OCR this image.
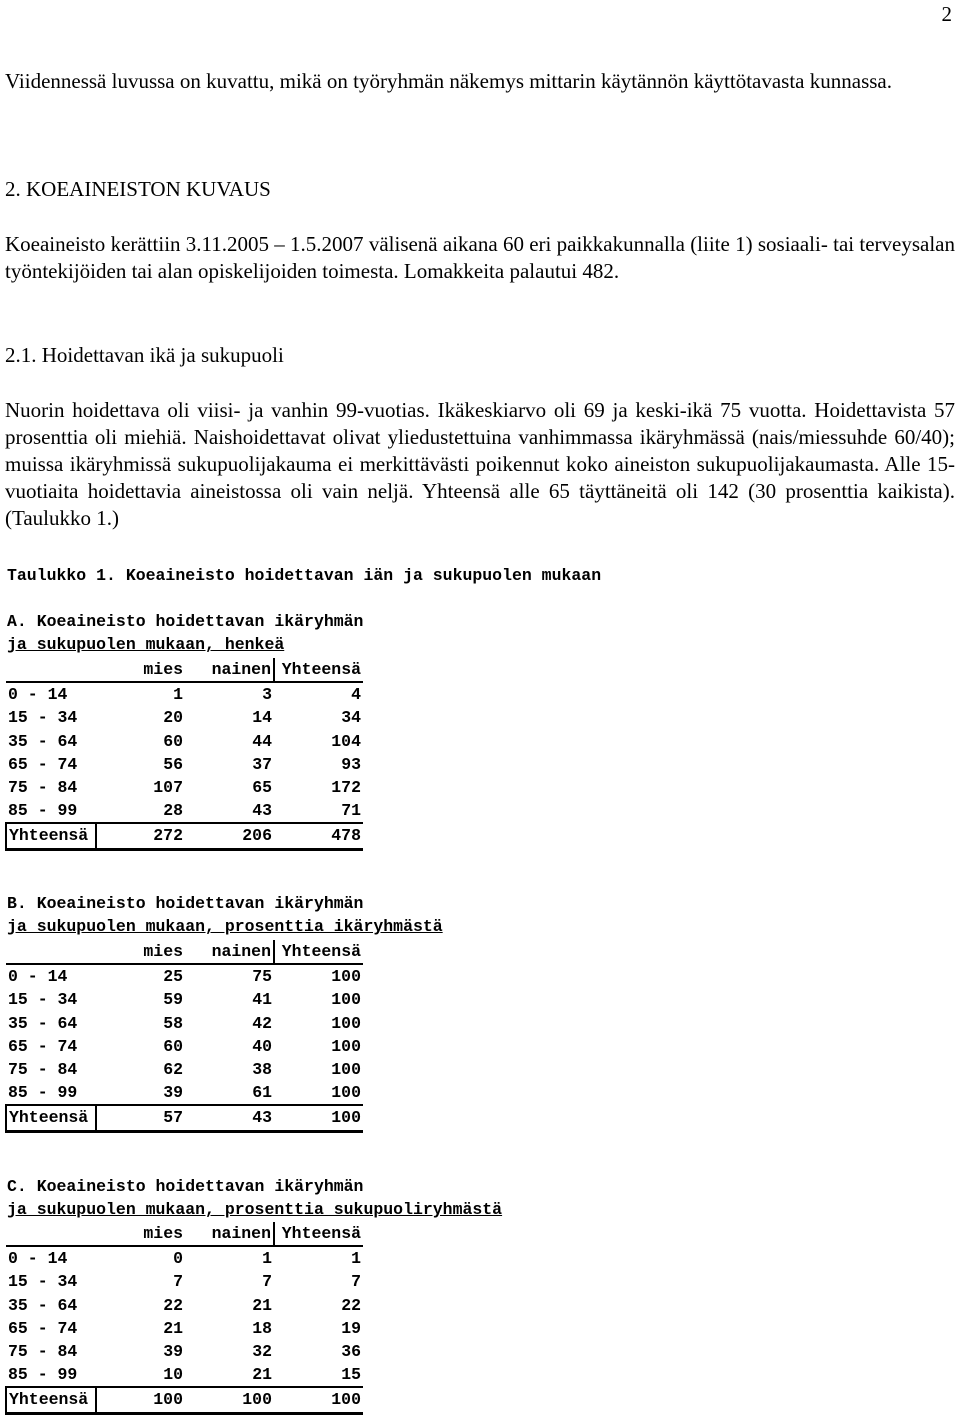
2

Viidennessä luvussa on kuvattu, mikä on työryhmän näkemys mittarin käytännön käyttötavasta kunnassa.

2. KOEAINEISTON KUVAUS

Koeaineisto kerättiin 3.11.2005 – 1.5.2007 välisenä aikana 60 eri paikkakunnalla (liite 1) sosiaali- tai terveysalan työntekijöiden tai alan opiskelijoiden toimesta. Lomakkeita palautui 482.

2.1. Hoidettavan ikä ja sukupuoli

Nuorin hoidettava oli viisi- ja vanhin 99-vuotias. Ikäkeskiarvo oli 69 ja keski-ikä 75 vuotta. Hoidettavista 57 prosenttia oli miehiä. Naishoidettavat olivat yliedustettuina vanhimmassa ikäryhmässä (nais/miessuhde 60/40); muissa ikäryhmissä sukupuolijakauma ei merkittävästi poikennut koko aineiston sukupuolijakaumasta. Alle 15-vuotiaita hoidettavia aineistossa oli vain neljä. Yhteensä alle 65 täyttäneitä oli 142 (30 prosenttia kaikista). (Taulukko 1.)

Taulukko 1. Koeaineisto hoidettavan iän ja sukupuolen mukaan
A. Koeaineisto hoidettavan ikäryhmän
ja sukupuolen mukaan, henkeä
	mies	nainen	Yhteensä
0 - 14	1	3	4
15 - 34	20	14	34
35 - 64	60	44	104
65 - 74	56	37	93
75 - 84	107	65	172
85 - 99	28	43	71
Yhteensä	272	206	478
B. Koeaineisto hoidettavan ikäryhmän
ja sukupuolen mukaan, prosenttia ikäryhmästä
	mies	nainen	Yhteensä
0 - 14	25	75	100
15 - 34	59	41	100
35 - 64	58	42	100
65 - 74	60	40	100
75 - 84	62	38	100
85 - 99	39	61	100
Yhteensä	57	43	100
C. Koeaineisto hoidettavan ikäryhmän
ja sukupuolen mukaan, prosenttia sukupuoliryhmästä
	mies	nainen	Yhteensä
0 - 14	0	1	1
15 - 34	7	7	7
35 - 64	22	21	22
65 - 74	21	18	19
75 - 84	39	32	36
85 - 99	10	21	15
Yhteensä	100	100	100
